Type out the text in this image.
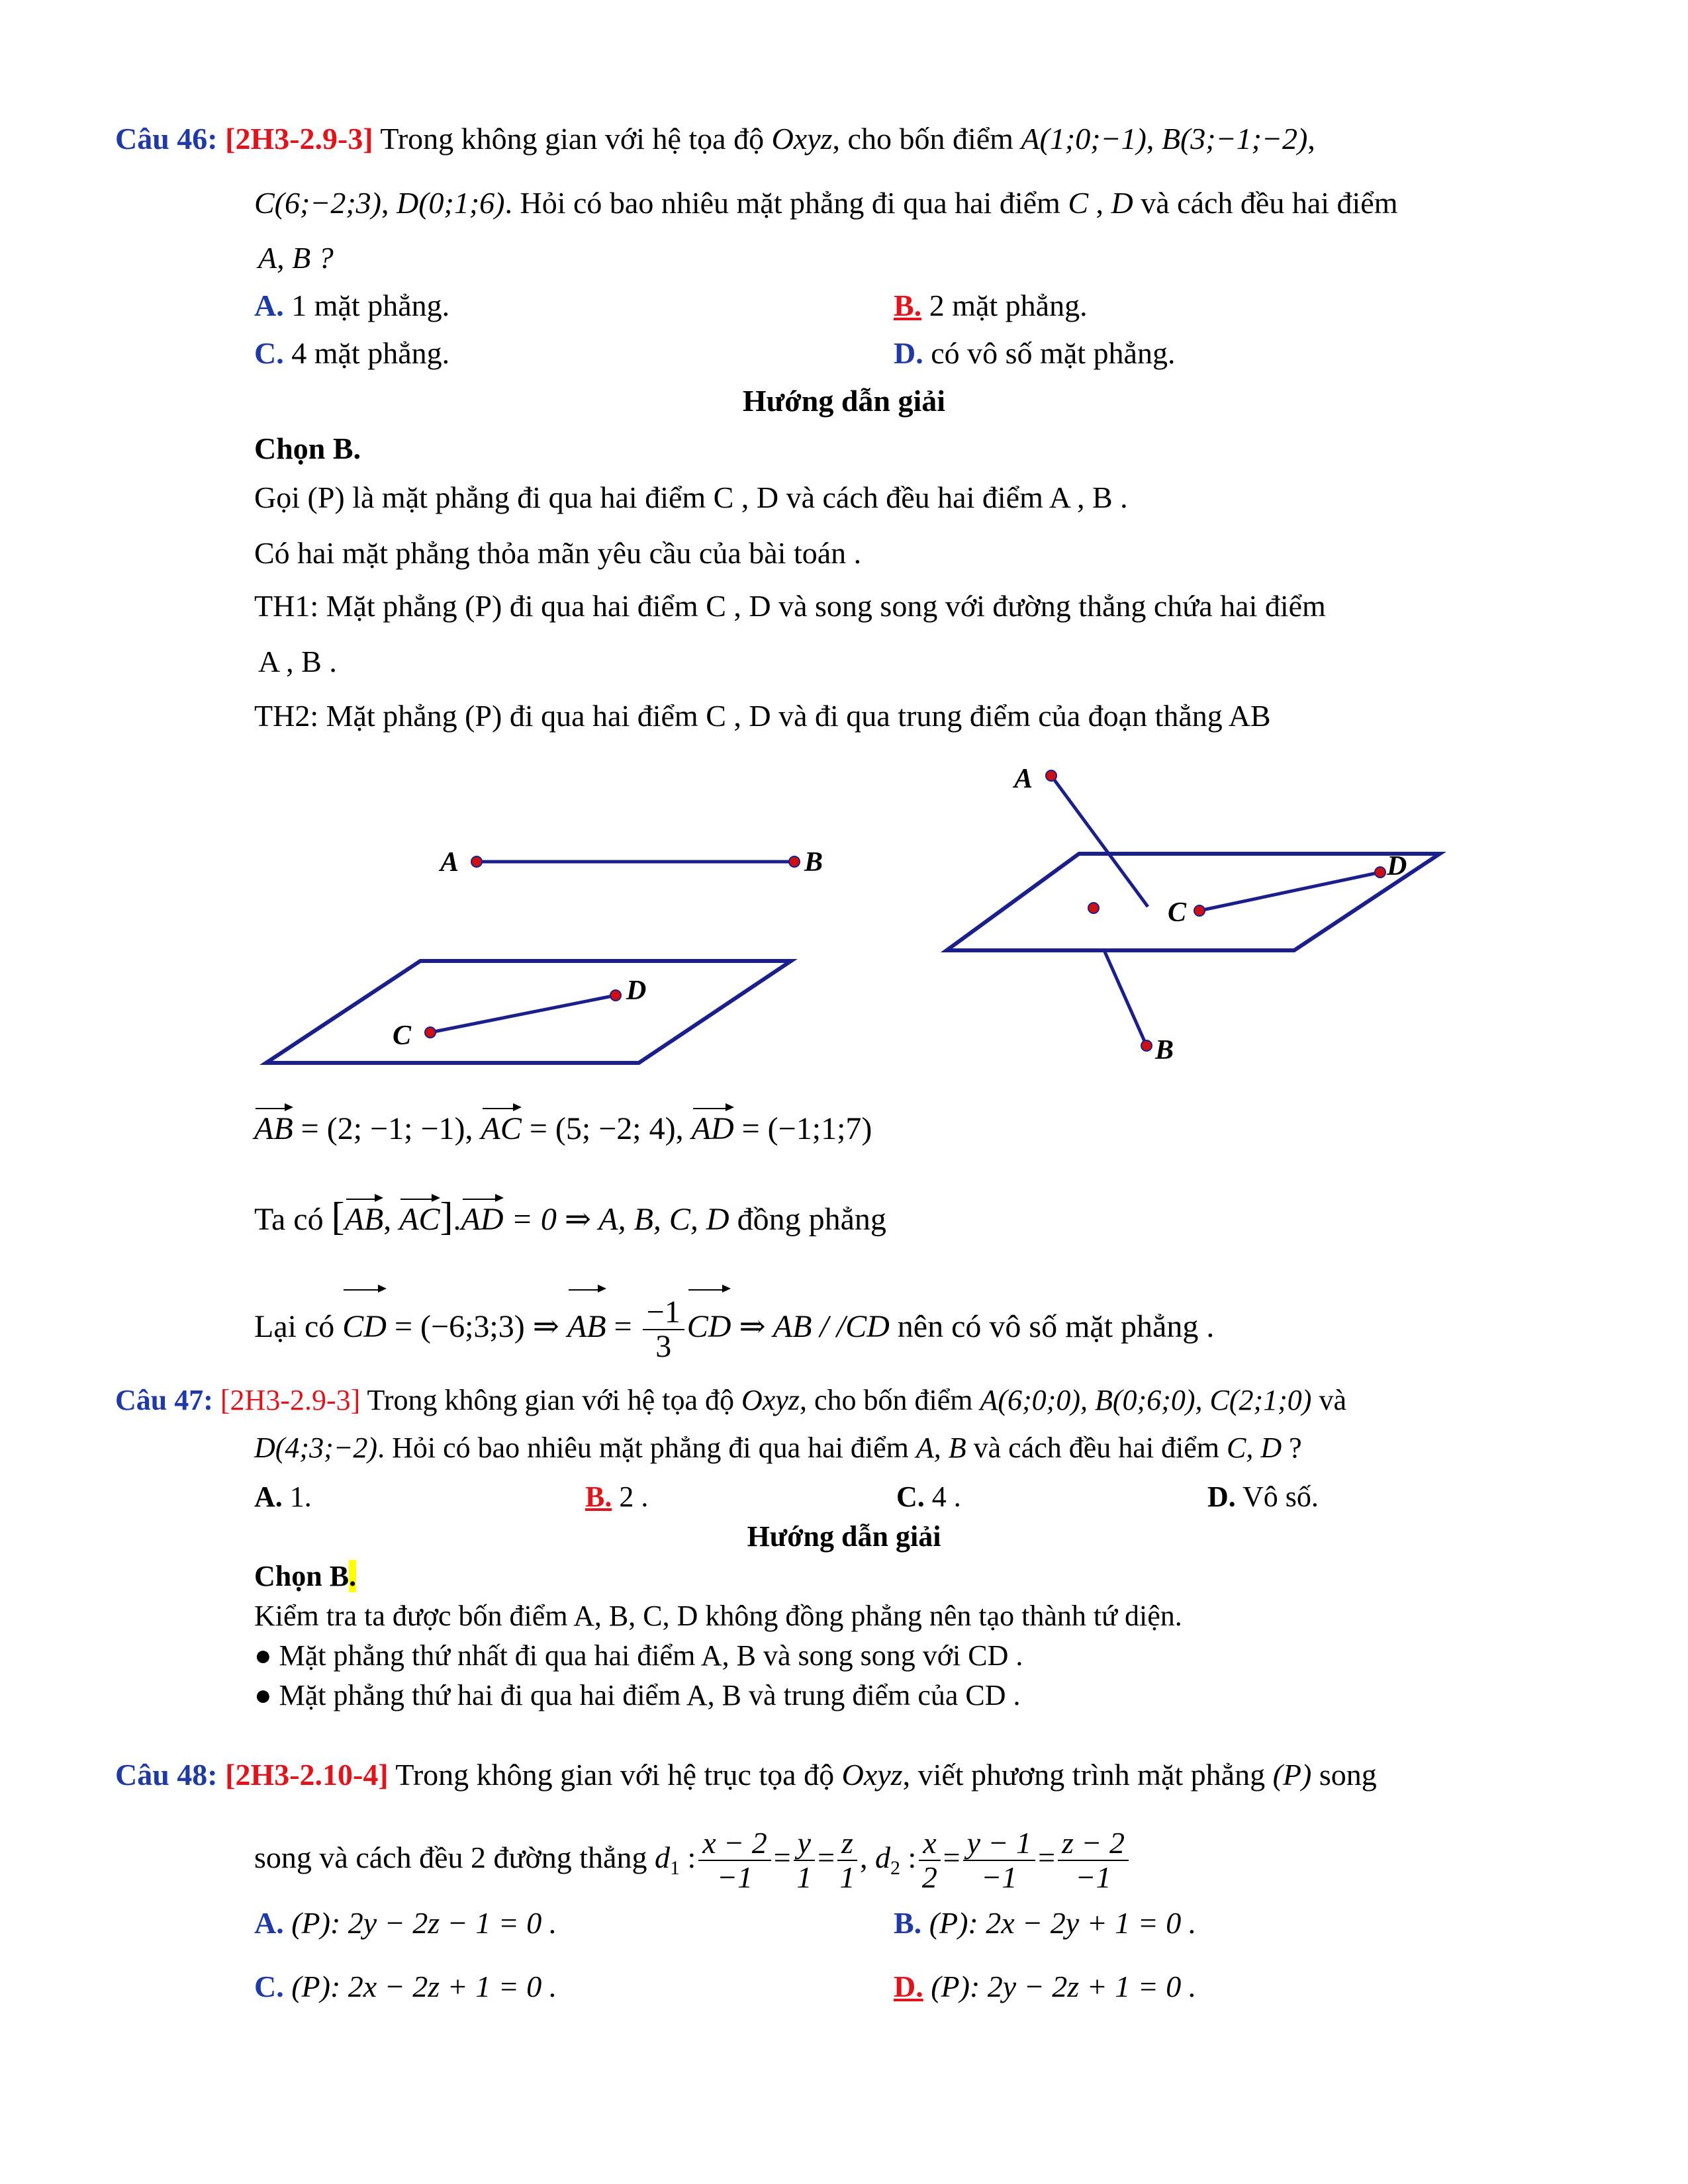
Câu 46: [2H3-2.9-3] Trong không gian với hệ tọa độ Oxyz, cho bốn điểm A(1;0;−1), B(3;−1;−2),
C(6;−2;3), D(0;1;6). Hỏi có bao nhiêu mặt phẳng đi qua hai điểm C , D và cách đều hai điểm
A, B ?
A. 1 mặt phẳng.	B. 2 mặt phẳng.
C. 4 mặt phẳng.	D. có vô số mặt phẳng.
Hướng dẫn giải
Chọn B.
Gọi (P) là mặt phẳng đi qua hai điểm C , D và cách đều hai điểm A , B .
Có hai mặt phẳng thỏa mãn yêu cầu của bài toán .
TH1: Mặt phẳng (P) đi qua hai điểm C , D và song song với đường thẳng chứa hai điểm
A , B .
TH2: Mặt phẳng (P) đi qua hai điểm C , D và đi qua trung điểm của đoạn thẳng AB
A	B
C
D
A
B
C
D
AB = (2; −1; −1), AC = (5; −2; 4), AD = (−1;1;7)
Ta có [AB, AC].AD = 0 ⇒ A, B, C, D đồng phẳng
Lại có CD = (−6;3;3) ⇒ AB = $\frac{-1}{3}$ CD ⇒ AB / /CD nên có vô số mặt phẳng .
Câu 47: [2H3-2.9-3] Trong không gian với hệ tọa độ Oxyz, cho bốn điểm A(6;0;0), B(0;6;0), C(2;1;0) và
D(4;3;−2). Hỏi có bao nhiêu mặt phẳng đi qua hai điểm A, B và cách đều hai điểm C, D ?
A. 1.	B. 2 .	C. 4 .	D. Vô số.
Hướng dẫn giải
Chọn B.
Kiểm tra ta được bốn điểm A, B, C, D không đồng phẳng nên tạo thành tứ diện.
● Mặt phẳng thứ nhất đi qua hai điểm A, B và song song với CD .
● Mặt phẳng thứ hai đi qua hai điểm A, B và trung điểm của CD .
Câu 48: [2H3-2.10-4] Trong không gian với hệ trục tọa độ Oxyz, viết phương trình mặt phẳng (P) song
song và cách đều 2 đường thẳng $d_1$ : $\frac{x - 2}{-1} = \frac{y}{1} = \frac{z}{1}$ , $d_2$ : $\frac{x}{2} = \frac{y - 1}{-1} = \frac{z - 2}{-1}$
A. (P): 2y − 2z − 1 = 0 .	B. (P): 2x − 2y + 1 = 0 .
C. (P): 2x − 2z + 1 = 0 .	D. (P): 2y − 2z + 1 = 0 .
